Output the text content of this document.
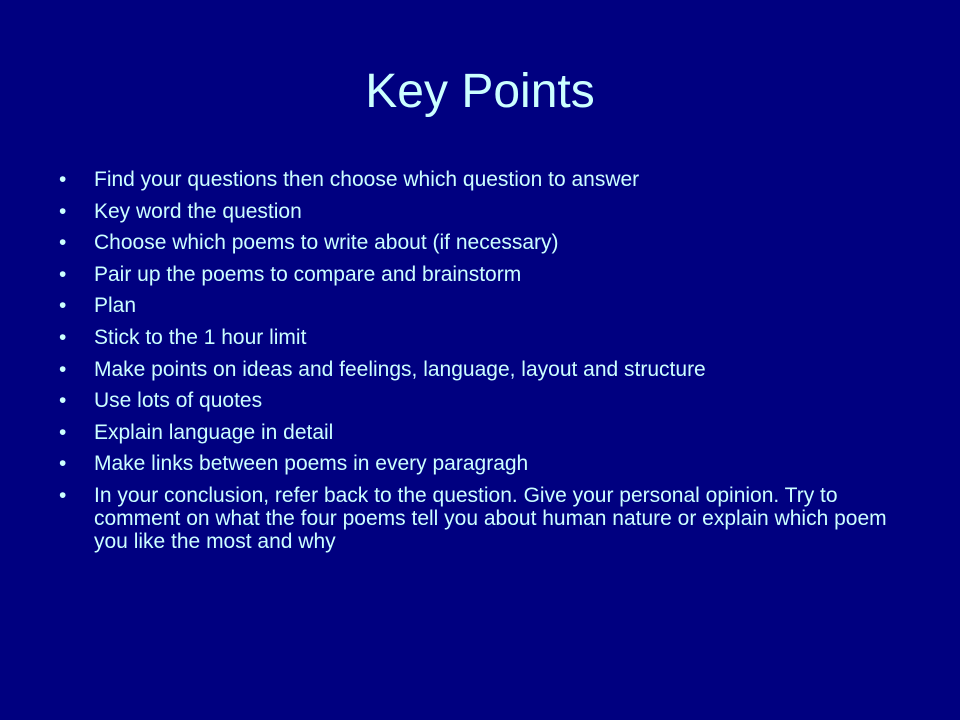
Key Points
•	Find your questions then choose which question to answer
•	Key word the question
•	Choose which poems to write about (if necessary)
•	Pair up the poems to compare and brainstorm
•	Plan
•	Stick to the 1 hour limit
•	Make points on ideas and feelings, language, layout and structure
•	Use lots of quotes
•	Explain language in detail
•	Make links between poems in every paragragh
•	In your conclusion, refer back to the question. Give your personal opinion. Try to comment on what the four poems tell you about human nature or explain which poem you like the most and why
